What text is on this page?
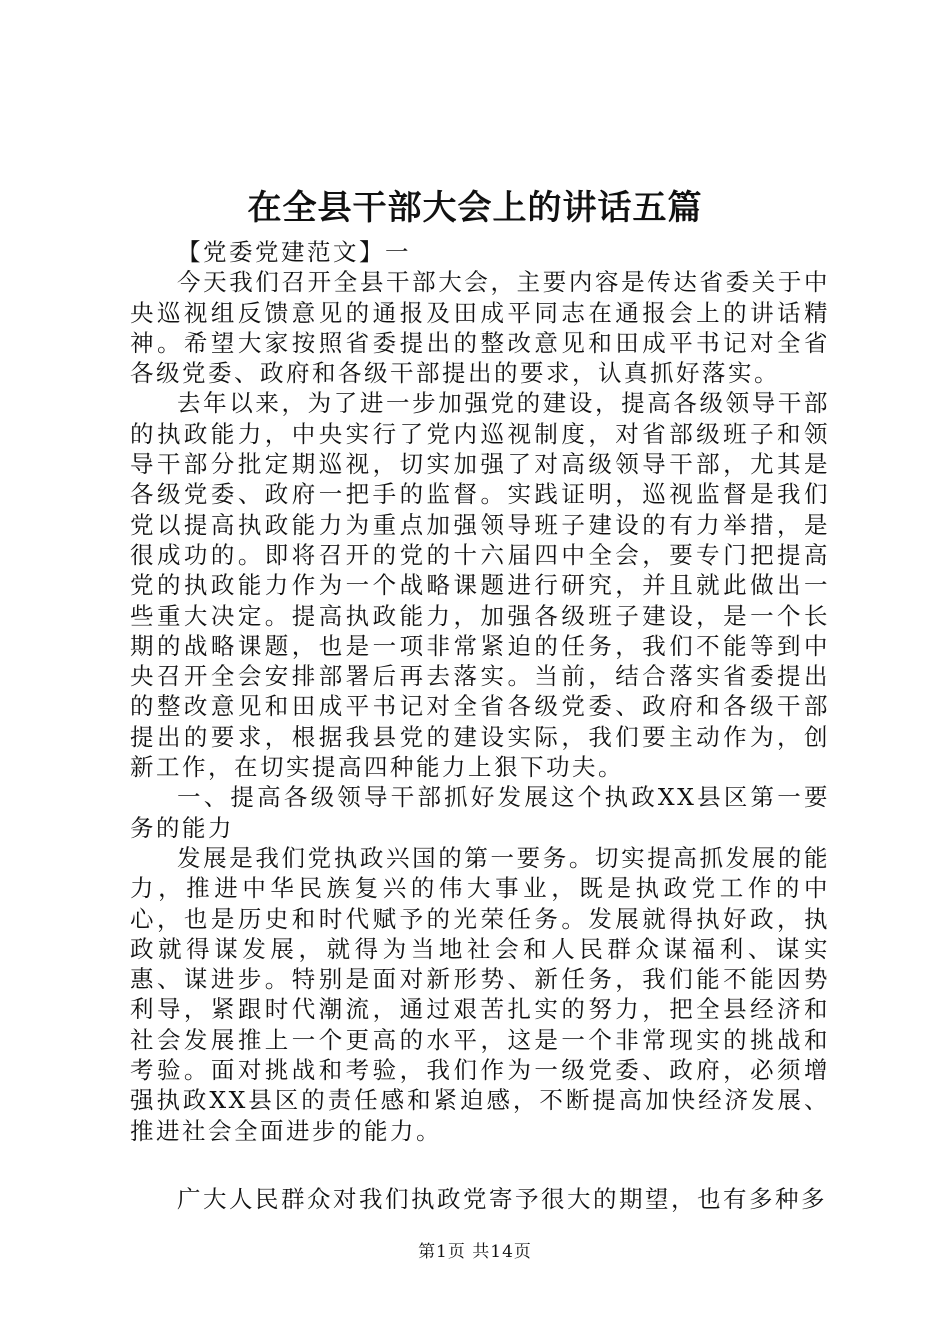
在全县干部大会上的讲话五篇

【党委党建范文】一

今天我们召开全县干部大会，主要内容是传达省委关于中央巡视组反馈意见的通报及田成平同志在通报会上的讲话精神。希望大家按照省委提出的整改意见和田成平书记对全省各级党委、政府和各级干部提出的要求，认真抓好落实。

去年以来，为了进一步加强党的建设，提高各级领导干部的执政能力，中央实行了党内巡视制度，对省部级班子和领导干部分批定期巡视，切实加强了对高级领导干部，尤其是各级党委、政府一把手的监督。实践证明，巡视监督是我们党以提高执政能力为重点加强领导班子建设的有力举措，是很成功的。即将召开的党的十六届四中全会，要专门把提高党的执政能力作为一个战略课题进行研究，并且就此做出一些重大决定。提高执政能力，加强各级班子建设，是一个长期的战略课题，也是一项非常紧迫的任务，我们不能等到中央召开全会安排部署后再去落实。当前，结合落实省委提出的整改意见和田成平书记对全省各级党委、政府和各级干部提出的要求，根据我县党的建设实际，我们要主动作为，创新工作，在切实提高四种能力上狠下功夫。

一、提高各级领导干部抓好发展这个执政XX县区第一要务的能力

发展是我们党执政兴国的第一要务。切实提高抓发展的能力，推进中华民族复兴的伟大事业，既是执政党工作的中心，也是历史和时代赋予的光荣任务。发展就得执好政，执政就得谋发展，就得为当地社会和人民群众谋福利、谋实惠、谋进步。特别是面对新形势、新任务，我们能不能因势利导，紧跟时代潮流，通过艰苦扎实的努力，把全县经济和社会发展推上一个更高的水平，这是一个非常现实的挑战和考验。面对挑战和考验，我们作为一级党委、政府，必须增强执政XX县区的责任感和紧迫感，不断提高加快经济发展、推进社会全面进步的能力。

广大人民群众对我们执政党寄予很大的期望，也有多种多

第1页 共14页
